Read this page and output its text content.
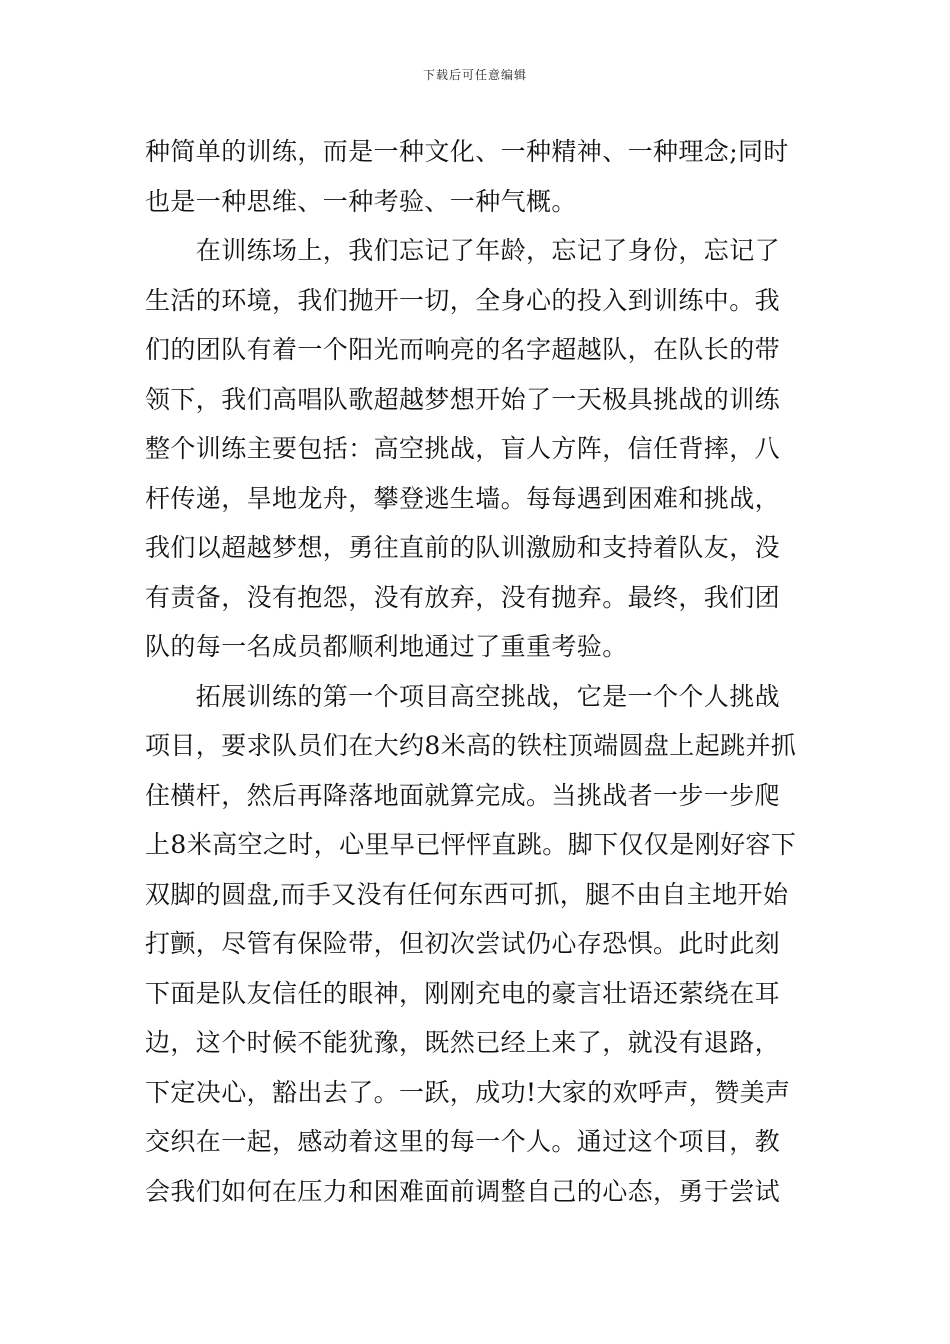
下载后可任意编辑
种简单的训练，而是一种文化、一种精神、一种理念;同时
也是一种思维、一种考验、一种气概。
　　在训练场上，我们忘记了年龄，忘记了身份，忘记了
生活的环境，我们抛开一切，全身心的投入到训练中。我
们的团队有着一个阳光而响亮的名字超越队，在队长的带
领下，我们高唱队歌超越梦想开始了一天极具挑战的训练
整个训练主要包括：高空挑战，盲人方阵，信任背摔，八
杆传递，旱地龙舟，攀登逃生墙。每每遇到困难和挑战，
我们以超越梦想，勇往直前的队训激励和支持着队友，没
有责备，没有抱怨，没有放弃，没有抛弃。最终，我们团
队的每一名成员都顺利地通过了重重考验。
　　拓展训练的第一个项目高空挑战，它是一个个人挑战
项目，要求队员们在大约8米高的铁柱顶端圆盘上起跳并抓
住横杆，然后再降落地面就算完成。当挑战者一步一步爬
上8米高空之时，心里早已怦怦直跳。脚下仅仅是刚好容下
双脚的圆盘,而手又没有任何东西可抓，腿不由自主地开始
打颤，尽管有保险带，但初次尝试仍心存恐惧。此时此刻
下面是队友信任的眼神，刚刚充电的豪言壮语还萦绕在耳
边，这个时候不能犹豫，既然已经上来了，就没有退路，
下定决心，豁出去了。一跃，成功!大家的欢呼声，赞美声
交织在一起，感动着这里的每一个人。通过这个项目，教
会我们如何在压力和困难面前调整自己的心态，勇于尝试
